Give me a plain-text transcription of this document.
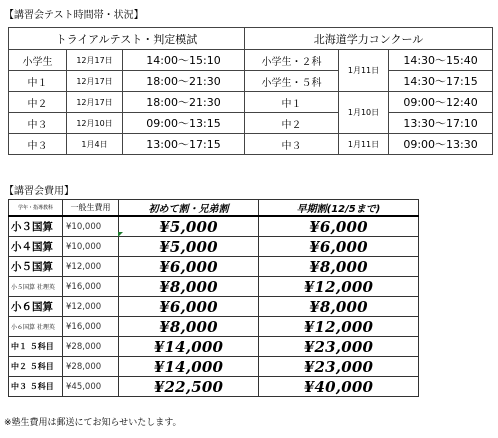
【講習会テスト時間帯・状況】
トライアルテスト・判定模試			北海道学力コンクール		
小学生	12月17日	14:00～15:10	小学生・２科	1月11日	14:30～15:40
中１	12月17日	18:00～21:30	小学生・５科		14:30～17:15
中２	12月17日	18:00～21:30	中１	1月10日	09:00～12:40
中３	12月10日	09:00～13:15	中２		13:30～17:10
中３	1月4日	13:00～17:15	中３	1月11日	09:00～13:30
【講習会費用】
学年・指導教科	一般生費用	初めて割・兄弟割	早期割(12/5まで)
小３国算	¥10,000	¥5,000	¥6,000
小４国算	¥10,000	¥5,000	¥6,000
小５国算	¥12,000	¥6,000	¥8,000
小５国算 社理英	¥16,000	¥8,000	¥12,000
小６国算	¥12,000	¥6,000	¥8,000
小６国算 社理英	¥16,000	¥8,000	¥12,000
中１ ５科目	¥28,000	¥14,000	¥23,000
中２ ５科目	¥28,000	¥14,000	¥23,000
中３ ５科目	¥45,000	¥22,500	¥40,000
※塾生費用は郵送にてお知らせいたします。
